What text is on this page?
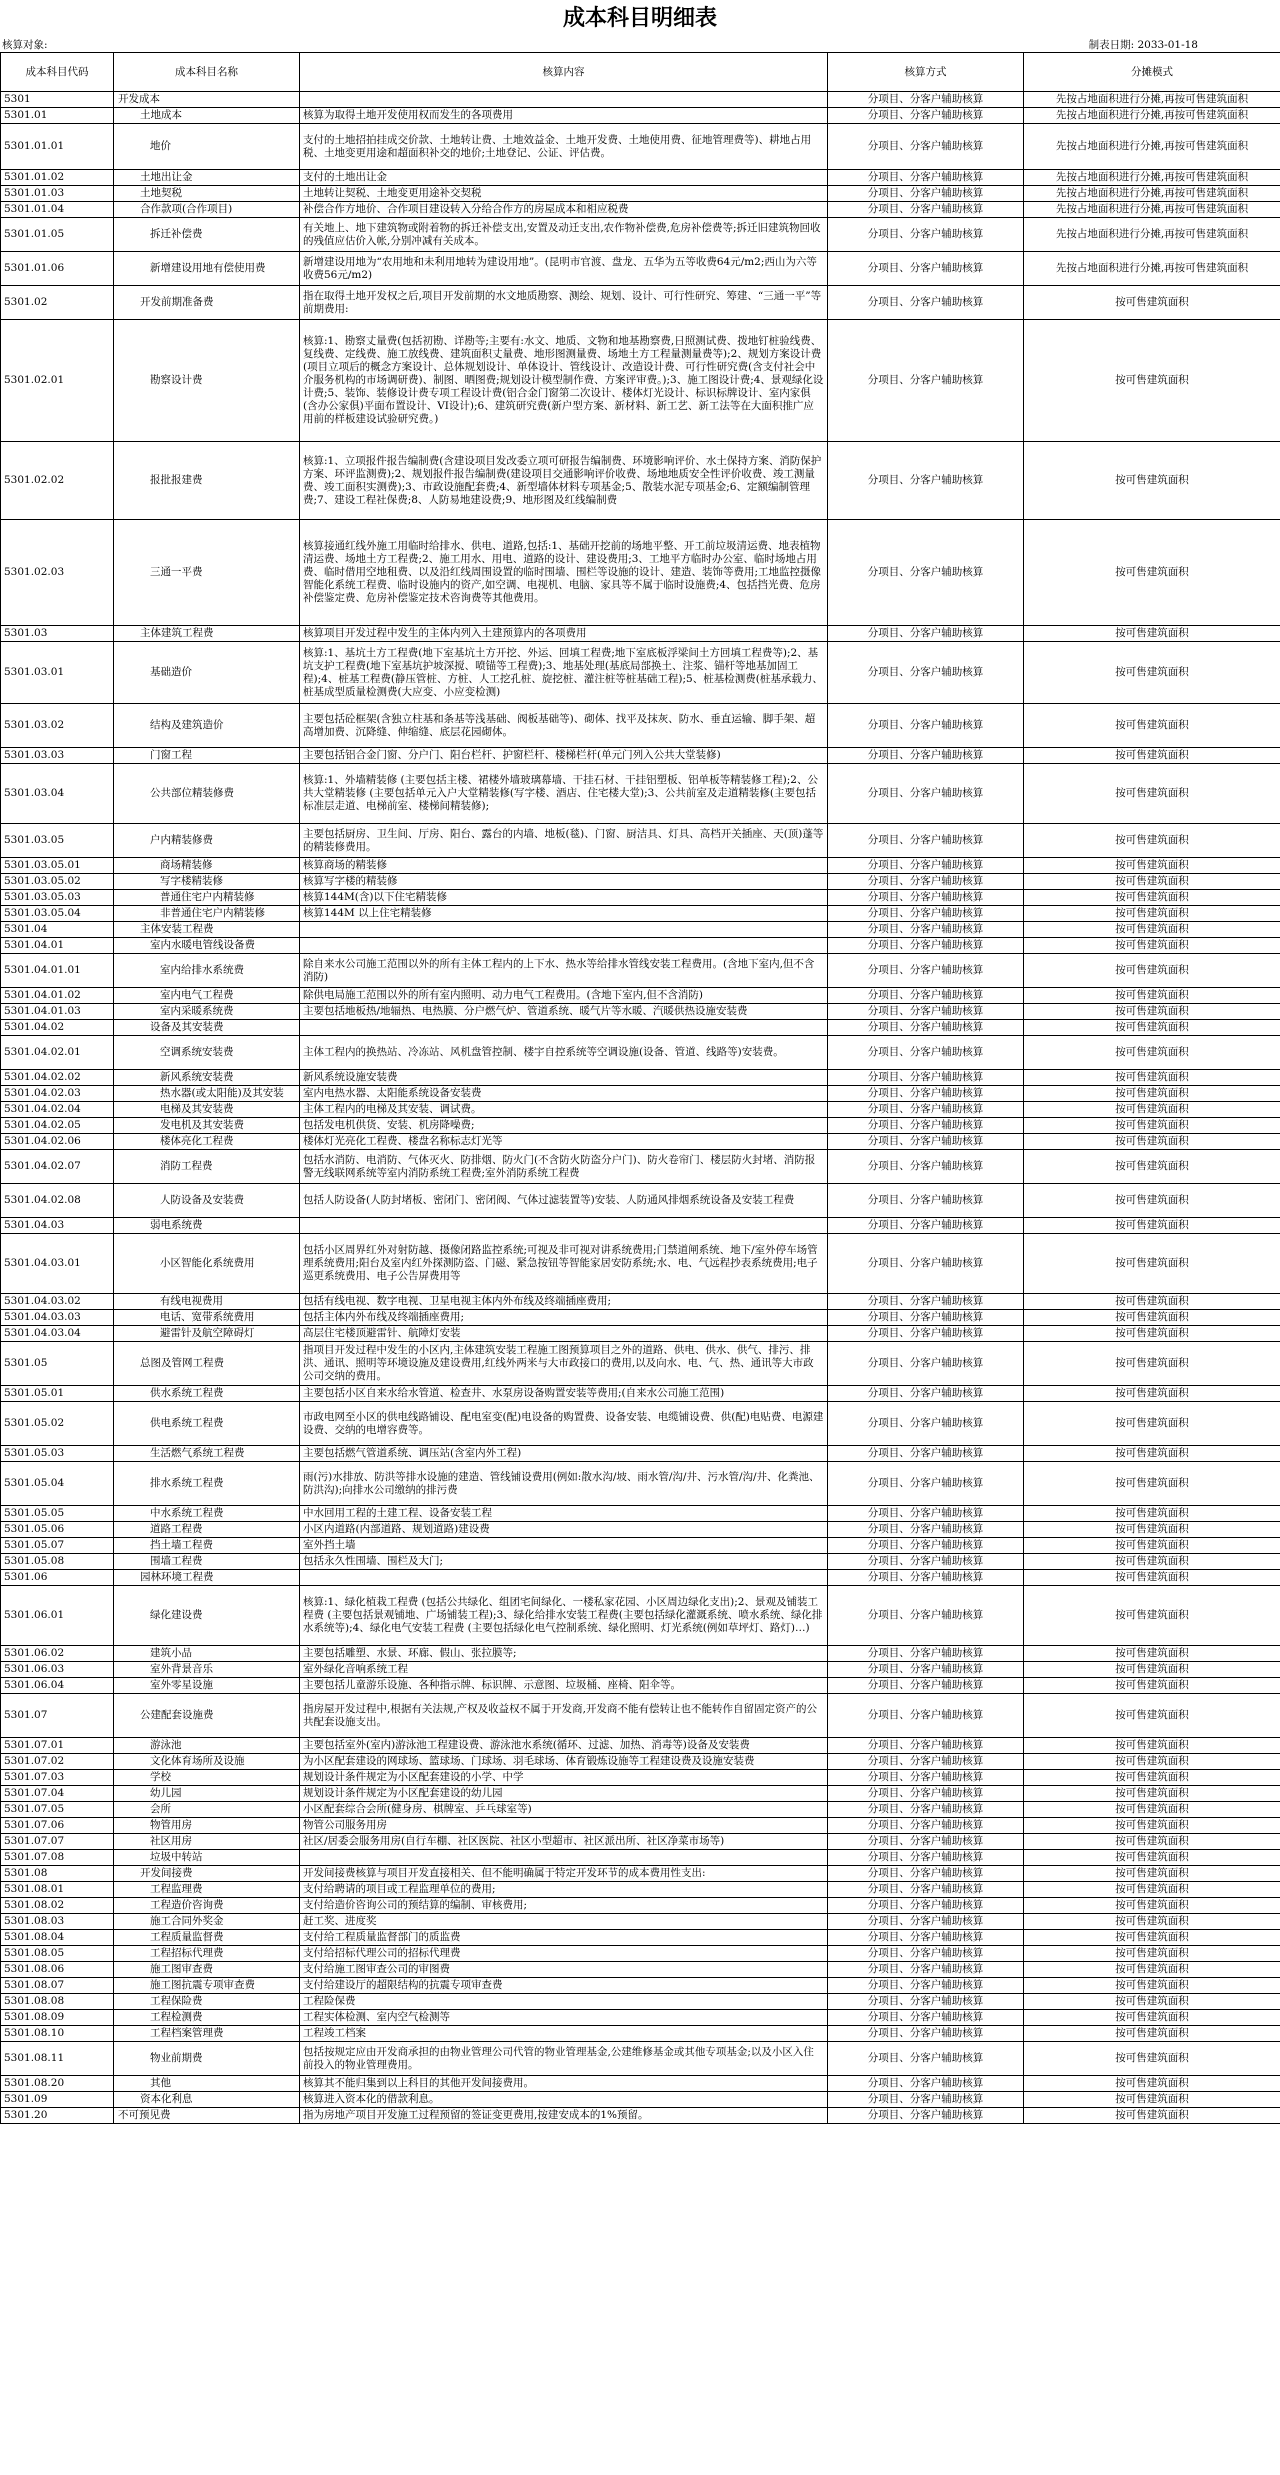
成本科目明细表
核算对象:	制表日期: 2033-01-18
成本科目代码	成本科目名称	核算内容	核算方式	分摊模式
5301	开发成本		分项目、分客户辅助核算	先按占地面积进行分摊,再按可售建筑面积
5301.01	土地成本	核算为取得土地开发使用权而发生的各项费用	分项目、分客户辅助核算	先按占地面积进行分摊,再按可售建筑面积
5301.01.01	地价	支付的土地招拍挂成交价款、土地转让费、土地效益金、土地开发费、土地使用费、征地管理费等)、耕地占用税、土地变更用途和超面积补交的地价;土地登记、公证、评估费。	分项目、分客户辅助核算	先按占地面积进行分摊,再按可售建筑面积
5301.01.02	土地出让金	支付的土地出让金	分项目、分客户辅助核算	先按占地面积进行分摊,再按可售建筑面积
5301.01.03	土地契税	土地转让契税、土地变更用途补交契税	分项目、分客户辅助核算	先按占地面积进行分摊,再按可售建筑面积
5301.01.04	合作款项(合作项目)	补偿合作方地价、合作项目建设转入分给合作方的房屋成本和相应税费	分项目、分客户辅助核算	先按占地面积进行分摊,再按可售建筑面积
5301.01.05	拆迁补偿费	有关地上、地下建筑物或附着物的拆迁补偿支出,安置及动迁支出,农作物补偿费,危房补偿费等;拆迁旧建筑物回收的残值应估价入帐,分别冲减有关成本。	分项目、分客户辅助核算	先按占地面积进行分摊,再按可售建筑面积
5301.01.06	新增建设用地有偿使用费	新增建设用地为“农用地和未利用地转为建设用地”。(昆明市官渡、盘龙、五华为五等收费64元/m2;西山为六等收费56元/m2)	分项目、分客户辅助核算	先按占地面积进行分摊,再按可售建筑面积
5301.02	开发前期准备费	指在取得土地开发权之后,项目开发前期的水文地质勘察、测绘、规划、设计、可行性研究、筹建、“三通一平”等前期费用:	分项目、分客户辅助核算	按可售建筑面积
5301.02.01	勘察设计费	核算:1、勘察丈量费(包括初勘、详勘等;主要有:水文、地质、文物和地基勘察费,日照测试费、拨地钉桩验线费、复线费、定线费、施工放线费、建筑面积丈量费、地形图测量费、场地土方工程量测量费等);2、规划方案设计费(项目立项后的概念方案设计、总体规划设计、单体设计、管线设计、改造设计费、可行性研究费(含支付社会中介服务机构的市场调研费)、制图、晒图费;规划设计模型制作费、方案评审费。);3、施工图设计费;4、景观绿化设计费;5、装饰、装修设计费专项工程设计费(铝合金门窗第二次设计、楼体灯光设计、标识标牌设计、室内家俱(含办公家俱)平面布置设计、VI设计);6、建筑研究费(新户型方案、新材料、新工艺、新工法等在大面积推广应用前的样板建设试验研究费。)	分项目、分客户辅助核算	按可售建筑面积
5301.02.02	报批报建费	核算:1、立项报件报告编制费(含建设项目发改委立项可研报告编制费、环境影响评价、水土保持方案、消防保护方案、环评监测费);2、规划报件报告编制费(建设项目交通影响评价收费、场地地质安全性评价收费、竣工测量费、竣工面积实测费);3、市政设施配套费;4、新型墙体材料专项基金;5、散装水泥专项基金;6、定额编制管理费;7、建设工程社保费;8、人防易地建设费;9、地形图及红线编制费	分项目、分客户辅助核算	按可售建筑面积
5301.02.03	三通一平费	核算接通红线外施工用临时给排水、供电、道路,包括:1、基础开挖前的场地平整、开工前垃圾清运费、地表植物清运费、场地土方工程费;2、施工用水、用电、道路的设计、建设费用;3、工地平方临时办公室、临时场地占用费、临时借用空地租费、以及沿红线周围设置的临时围墙、围栏等设施的设计、建造、装饰等费用;工地监控摄像智能化系统工程费、临时设施内的资产,如空调、电视机、电脑、家具等不属于临时设施费;4、包括挡光费、危房补偿鉴定费、危房补偿鉴定技术咨询费等其他费用。	分项目、分客户辅助核算	按可售建筑面积
5301.03	主体建筑工程费	核算项目开发过程中发生的主体内列入土建预算内的各项费用	分项目、分客户辅助核算	按可售建筑面积
5301.03.01	基础造价	核算:1、基坑土方工程费(地下室基坑土方开挖、外运、回填工程费;地下室底板浮梁间土方回填工程费等);2、基坑支护工程费(地下室基坑护坡深搅、喷锚等工程费);3、地基处理(基底局部换土、注浆、锚杆等地基加固工程);4、桩基工程费(静压管桩、方桩、人工挖孔桩、旋挖桩、灌注桩等桩基础工程);5、桩基检测费(桩基承载力、桩基成型质量检测费(大应变、小应变检测)	分项目、分客户辅助核算	按可售建筑面积
5301.03.02	结构及建筑造价	主要包括砼框架(含独立柱基和条基等浅基础、阀板基础等)、砌体、找平及抹灰、防水、垂直运输、脚手架、超高增加费、沉降缝、伸缩缝、底层花园砌体。	分项目、分客户辅助核算	按可售建筑面积
5301.03.03	门窗工程	主要包括铝合金门窗、分户门、阳台栏杆、护窗栏杆、楼梯栏杆(单元门列入公共大堂装修)	分项目、分客户辅助核算	按可售建筑面积
5301.03.04	公共部位精装修费	核算:1、外墙精装修 (主要包括主楼、裙楼外墙玻璃幕墙、干挂石材、干挂铝塑板、铝单板等精装修工程);2、公共大堂精装修 (主要包括单元入户大堂精装修(写字楼、酒店、住宅楼大堂);3、公共前室及走道精装修(主要包括标准层走道、电梯前室、楼梯间精装修);	分项目、分客户辅助核算	按可售建筑面积
5301.03.05	户内精装修费	主要包括厨房、卫生间、厅房、阳台、露台的内墙、地板(毯)、门窗、厨洁具、灯具、高档开关插座、天(顶)蓬等的精装修费用。	分项目、分客户辅助核算	按可售建筑面积
5301.03.05.01	商场精装修	核算商场的精装修	分项目、分客户辅助核算	按可售建筑面积
5301.03.05.02	写字楼精装修	核算写字楼的精装修	分项目、分客户辅助核算	按可售建筑面积
5301.03.05.03	普通住宅户内精装修	核算144M(含)以下住宅精装修	分项目、分客户辅助核算	按可售建筑面积
5301.03.05.04	非普通住宅户内精装修	核算144M 以上住宅精装修	分项目、分客户辅助核算	按可售建筑面积
5301.04	主体安装工程费		分项目、分客户辅助核算	按可售建筑面积
5301.04.01	室内水暖电管线设备费		分项目、分客户辅助核算	按可售建筑面积
5301.04.01.01	室内给排水系统费	除自来水公司施工范围以外的所有主体工程内的上下水、热水等给排水管线安装工程费用。(含地下室内,但不含消防)	分项目、分客户辅助核算	按可售建筑面积
5301.04.01.02	室内电气工程费	除供电局施工范围以外的所有室内照明、动力电气工程费用。(含地下室内,但不含消防)	分项目、分客户辅助核算	按可售建筑面积
5301.04.01.03	室内采暖系统费	主要包括地板热/地辐热、电热膜、分户燃气炉、管道系统、暖气片等水暖、汽暖供热设施安装费	分项目、分客户辅助核算	按可售建筑面积
5301.04.02	设备及其安装费		分项目、分客户辅助核算	按可售建筑面积
5301.04.02.01	空调系统安装费	主体工程内的换热站、冷冻站、风机盘管控制、楼宇自控系统等空调设施(设备、管道、线路等)安装费。	分项目、分客户辅助核算	按可售建筑面积
5301.04.02.02	新风系统安装费	新风系统设施安装费	分项目、分客户辅助核算	按可售建筑面积
5301.04.02.03	热水器(或太阳能)及其安装	室内电热水器、太阳能系统设备安装费	分项目、分客户辅助核算	按可售建筑面积
5301.04.02.04	电梯及其安装费	主体工程内的电梯及其安装、调试费。	分项目、分客户辅助核算	按可售建筑面积
5301.04.02.05	发电机及其安装费	包括发电机供货、安装、机房降噪费;	分项目、分客户辅助核算	按可售建筑面积
5301.04.02.06	楼体亮化工程费	楼体灯光亮化工程费、楼盘名称标志灯光等	分项目、分客户辅助核算	按可售建筑面积
5301.04.02.07	消防工程费	包括水消防、电消防、气体灭火、防排烟、防火门(不含防火防盗分户门)、防火卷帘门、楼层防火封堵、消防报警无线联网系统等室内消防系统工程费;室外消防系统工程费	分项目、分客户辅助核算	按可售建筑面积
5301.04.02.08	人防设备及安装费	包括人防设备(人防封堵板、密闭门、密闭阀、气体过滤装置等)安装、人防通风排烟系统设备及安装工程费	分项目、分客户辅助核算	按可售建筑面积
5301.04.03	弱电系统费		分项目、分客户辅助核算	按可售建筑面积
5301.04.03.01	小区智能化系统费用	包括小区周界红外对射防越、摄像闭路监控系统;可视及非可视对讲系统费用;门禁道闸系统、地下/室外停车场管理系统费用;阳台及室内红外探测防盗、门磁、紧急按钮等智能家居安防系统;水、电、气远程抄表系统费用;电子巡更系统费用、电子公告屏费用等	分项目、分客户辅助核算	按可售建筑面积
5301.04.03.02	有线电视费用	包括有线电视、数字电视、卫星电视主体内外布线及终端插座费用;	分项目、分客户辅助核算	按可售建筑面积
5301.04.03.03	电话、宽带系统费用	包括主体内外布线及终端插座费用;	分项目、分客户辅助核算	按可售建筑面积
5301.04.03.04	避雷针及航空障碍灯	高层住宅楼顶避雷针、航障灯安装	分项目、分客户辅助核算	按可售建筑面积
5301.05	总图及管网工程费	指项目开发过程中发生的小区内,主体建筑安装工程施工图预算项目之外的道路、供电、供水、供气、排污、排洪、通讯、照明等环境设施及建设费用,红线外两米与大市政接口的费用,以及向水、电、气、热、通讯等大市政公司交纳的费用。	分项目、分客户辅助核算	按可售建筑面积
5301.05.01	供水系统工程费	主要包括小区自来水给水管道、检查井、水泵房设备购置安装等费用;(自来水公司施工范围)	分项目、分客户辅助核算	按可售建筑面积
5301.05.02	供电系统工程费	市政电网至小区的供电线路铺设、配电室变(配)电设备的购置费、设备安装、电缆铺设费、供(配)电贴费、电源建设费、交纳的电增容费等。	分项目、分客户辅助核算	按可售建筑面积
5301.05.03	生活燃气系统工程费	主要包括燃气管道系统、调压站(含室内外工程)	分项目、分客户辅助核算	按可售建筑面积
5301.05.04	排水系统工程费	雨(污)水排放、防洪等排水设施的建造、管线铺设费用(例如:散水沟/坡、雨水管/沟/井、污水管/沟/井、化粪池、防洪沟);向排水公司缴纳的排污费	分项目、分客户辅助核算	按可售建筑面积
5301.05.05	中水系统工程费	中水回用工程的土建工程、设备安装工程	分项目、分客户辅助核算	按可售建筑面积
5301.05.06	道路工程费	小区内道路(内部道路、规划道路)建设费	分项目、分客户辅助核算	按可售建筑面积
5301.05.07	挡土墙工程费	室外挡土墙	分项目、分客户辅助核算	按可售建筑面积
5301.05.08	围墙工程费	包括永久性围墙、围栏及大门;	分项目、分客户辅助核算	按可售建筑面积
5301.06	园林环境工程费		分项目、分客户辅助核算	按可售建筑面积
5301.06.01	绿化建设费	核算:1、绿化植栽工程费 (包括公共绿化、组团宅间绿化、一楼私家花园、小区周边绿化支出);2、景观及铺装工程费 (主要包括景观铺地、广场铺装工程);3、绿化给排水安装工程费(主要包括绿化灌溉系统、喷水系统、绿化排水系统等);4、绿化电气安装工程费 (主要包括绿化电气控制系统、绿化照明、灯光系统(例如草坪灯、路灯)…)	分项目、分客户辅助核算	按可售建筑面积
5301.06.02	建筑小品	主要包括雕塑、水景、环廊、假山、张拉膜等;	分项目、分客户辅助核算	按可售建筑面积
5301.06.03	室外背景音乐	室外绿化音响系统工程	分项目、分客户辅助核算	按可售建筑面积
5301.06.04	室外零星设施	主要包括儿童游乐设施、各种指示牌、标识牌、示意图、垃圾桶、座椅、阳伞等。	分项目、分客户辅助核算	按可售建筑面积
5301.07	公建配套设施费	指房屋开发过程中,根据有关法规,产权及收益权不属于开发商,开发商不能有偿转让也不能转作自留固定资产的公共配套设施支出。	分项目、分客户辅助核算	按可售建筑面积
5301.07.01	游泳池	主要包括室外(室内)游泳池工程建设费、游泳池水系统(循环、过滤、加热、消毒等)设备及安装费	分项目、分客户辅助核算	按可售建筑面积
5301.07.02	文化体育场所及设施	为小区配套建设的网球场、篮球场、门球场、羽毛球场、体育锻炼设施等工程建设费及设施安装费	分项目、分客户辅助核算	按可售建筑面积
5301.07.03	学校	规划设计条件规定为小区配套建设的小学、中学	分项目、分客户辅助核算	按可售建筑面积
5301.07.04	幼儿园	规划设计条件规定为小区配套建设的幼儿园	分项目、分客户辅助核算	按可售建筑面积
5301.07.05	会所	小区配套综合会所(健身房、棋牌室、乒乓球室等)	分项目、分客户辅助核算	按可售建筑面积
5301.07.06	物管用房	物管公司服务用房	分项目、分客户辅助核算	按可售建筑面积
5301.07.07	社区用房	社区/居委会服务用房(自行车棚、社区医院、社区小型超市、社区派出所、社区净菜市场等)	分项目、分客户辅助核算	按可售建筑面积
5301.07.08	垃圾中转站		分项目、分客户辅助核算	按可售建筑面积
5301.08	开发间接费	开发间接费核算与项目开发直接相关、但不能明确属于特定开发环节的成本费用性支出:	分项目、分客户辅助核算	按可售建筑面积
5301.08.01	工程监理费	支付给聘请的项目或工程监理单位的费用;	分项目、分客户辅助核算	按可售建筑面积
5301.08.02	工程造价咨询费	支付给造价咨询公司的预结算的编制、审核费用;	分项目、分客户辅助核算	按可售建筑面积
5301.08.03	施工合同外奖金	赶工奖、进度奖	分项目、分客户辅助核算	按可售建筑面积
5301.08.04	工程质量监督费	支付给工程质量监督部门的质监费	分项目、分客户辅助核算	按可售建筑面积
5301.08.05	工程招标代理费	支付给招标代理公司的招标代理费	分项目、分客户辅助核算	按可售建筑面积
5301.08.06	施工图审查费	支付给施工图审查公司的审图费	分项目、分客户辅助核算	按可售建筑面积
5301.08.07	施工图抗震专项审查费	支付给建设厅的超限结构的抗震专项审查费	分项目、分客户辅助核算	按可售建筑面积
5301.08.08	工程保险费	工程险保费	分项目、分客户辅助核算	按可售建筑面积
5301.08.09	工程检测费	工程实体检测、室内空气检测等	分项目、分客户辅助核算	按可售建筑面积
5301.08.10	工程档案管理费	工程竣工档案	分项目、分客户辅助核算	按可售建筑面积
5301.08.11	物业前期费	包括按规定应由开发商承担的由物业管理公司代管的物业管理基金,公建维修基金或其他专项基金;以及小区入住前投入的物业管理费用。	分项目、分客户辅助核算	按可售建筑面积
5301.08.20	其他	核算其不能归集到以上科目的其他开发间接费用。	分项目、分客户辅助核算	按可售建筑面积
5301.09	资本化利息	核算进入资本化的借款利息。	分项目、分客户辅助核算	按可售建筑面积
5301.20	不可预见费	指为房地产项目开发施工过程预留的签证变更费用,按建安成本的1%预留。	分项目、分客户辅助核算	按可售建筑面积
